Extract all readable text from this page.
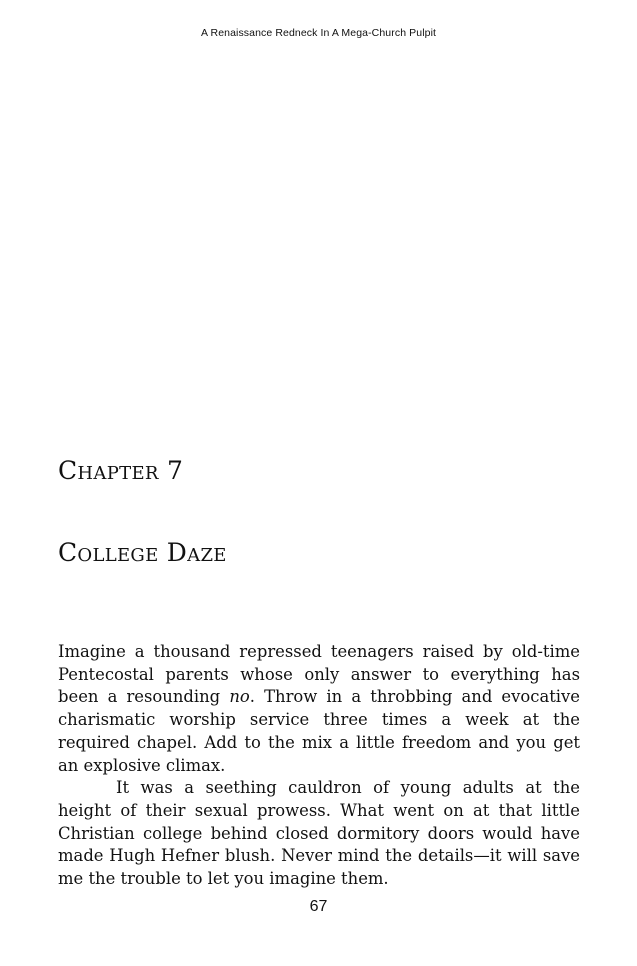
A Renaissance Redneck In A Mega-Church Pulpit
Chapter 7
College Daze

Imagine a thousand repressed teenagers raised by old-time Pentecostal parents whose only answer to everything has been a resounding no. Throw in a throbbing and evocative charismatic worship service three times a week at the required chapel. Add to the mix a little freedom and you get an explosive climax.

It was a seething cauldron of young adults at the height of their sexual prowess. What went on at that little Christian college behind closed dormitory doors would have made Hugh Hefner blush. Never mind the details—it will save me the trouble to let you imagine them.

67
